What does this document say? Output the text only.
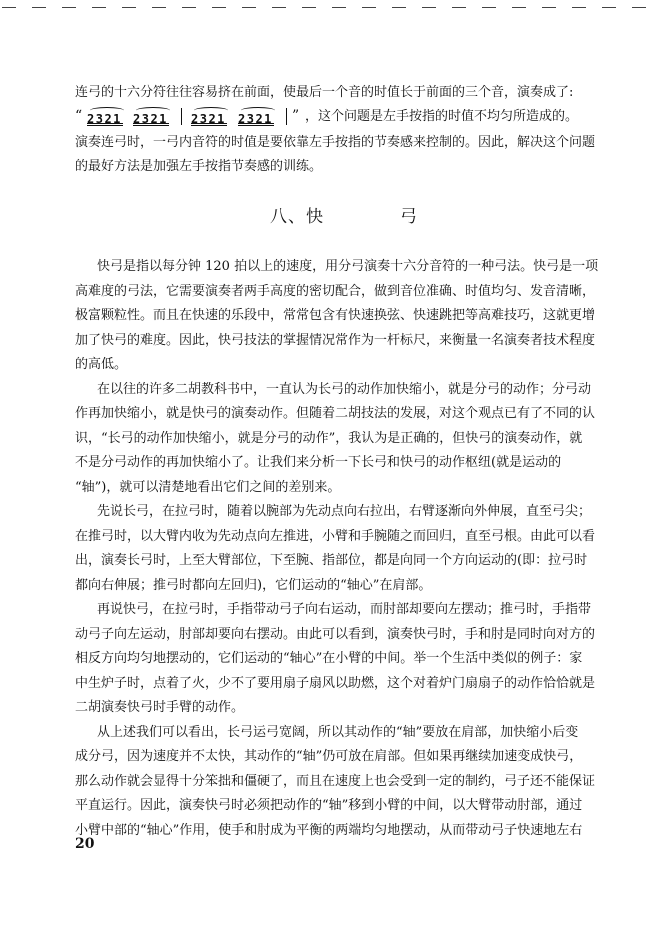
连弓的十六分符往往容易挤在前面，使最后一个音的时值长于前面的三个音，演奏成了:
“ 2321 2321 2321 2321 ” ，这个问题是左手按指的时值不均匀所造成的。
演奏连弓时，一弓内音符的时值是要依靠左手按指的节奏感来控制的。因此，解决这个问题
的最好方法是加强左手按指节奏感的训练。
八、快	弓
快弓是指以每分钟 120 拍以上的速度，用分弓演奏十六分音符的一种弓法。快弓是一项
高难度的弓法，它需要演奏者两手高度的密切配合，做到音位准确、时值均匀、发音清晰，
极富颗粒性。而且在快速的乐段中，常常包含有快速换弦、快速跳把等高难技巧，这就更增
加了快弓的难度。因此，快弓技法的掌握情况常作为一杆标尺，来衡量一名演奏者技术程度
的高低。
在以往的许多二胡教科书中，一直认为长弓的动作加快缩小，就是分弓的动作；分弓动
作再加快缩小，就是快弓的演奏动作。但随着二胡技法的发展，对这个观点已有了不同的认
识，“长弓的动作加快缩小，就是分弓的动作”，我认为是正确的，但快弓的演奏动作，就
不是分弓动作的再加快缩小了。让我们来分析一下长弓和快弓的动作枢纽(就是运动的
“轴”)，就可以清楚地看出它们之间的差别来。
先说长弓，在拉弓时，随着以腕部为先动点向右拉出，右臂逐渐向外伸展，直至弓尖；
在推弓时，以大臂内收为先动点向左推进，小臂和手腕随之而回归，直至弓根。由此可以看
出，演奏长弓时，上至大臂部位，下至腕、指部位，都是向同一个方向运动的(即：拉弓时
都向右伸展；推弓时都向左回归)，它们运动的“轴心”在肩部。
再说快弓，在拉弓时，手指带动弓子向右运动，而肘部却要向左摆动；推弓时，手指带
动弓子向左运动，肘部却要向右摆动。由此可以看到，演奏快弓时，手和肘是同时向对方的
相反方向均匀地摆动的，它们运动的“轴心”在小臂的中间。举一个生活中类似的例子：家
中生炉子时，点着了火，少不了要用扇子扇风以助燃，这个对着炉门扇扇子的动作恰恰就是
二胡演奏快弓时手臂的动作。
从上述我们可以看出，长弓运弓宽阔，所以其动作的“轴”要放在肩部，加快缩小后变
成分弓，因为速度并不太快，其动作的“轴”仍可放在肩部。但如果再继续加速变成快弓，
那么动作就会显得十分笨拙和僵硬了，而且在速度上也会受到一定的制约，弓子还不能保证
平直运行。因此，演奏快弓时必须把动作的“轴”移到小臂的中间，以大臂带动肘部，通过
小臂中部的“轴心”作用，使手和肘成为平衡的两端均匀地摆动，从而带动弓子快速地左右
20
